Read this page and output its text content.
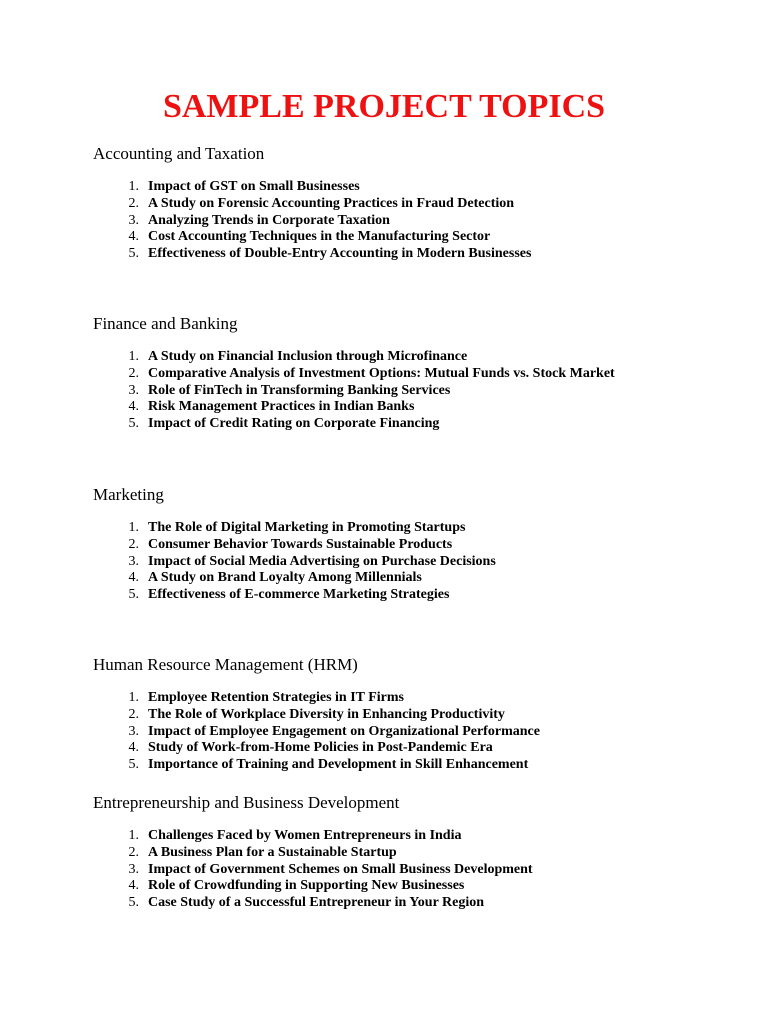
SAMPLE PROJECT TOPICS
Accounting and Taxation
1 . Impact of GST on Small Businesses
2 . A Study on Forensic Accounting Practices in Fraud Detection
3 . Analyzing Trends in Corporate Taxation
4 . Cost Accounting Techniques in the Manufacturing Sector
5 . Effectiveness of Double-Entry Accounting in Modern Businesses
Finance and Banking
1 . A Study on Financial Inclusion through Microfinance
2 . Comparative Analysis of Investment Options: Mutual Funds vs. Stock Market
3 . Role of FinTech in Transforming Banking Services
4 . Risk Management Practices in Indian Banks
5 . Impact of Credit Rating on Corporate Financing
Marketing
1 . The Role of Digital Marketing in Promoting Startups
2 . Consumer Behavior Towards Sustainable Products
3 . Impact of Social Media Advertising on Purchase Decisions
4 . A Study on Brand Loyalty Among Millennials
5 . Effectiveness of E-commerce Marketing Strategies
Human Resource Management (HRM)
1 . Employee Retention Strategies in IT Firms
2 . The Role of Workplace Diversity in Enhancing Productivity
3 . Impact of Employee Engagement on Organizational Performance
4 . Study of Work-from-Home Policies in Post-Pandemic Era
5 . Importance of Training and Development in Skill Enhancement
Entrepreneurship and Business Development
1 . Challenges Faced by Women Entrepreneurs in India
2 . A Business Plan for a Sustainable Startup
3 . Impact of Government Schemes on Small Business Development
4 . Role of Crowdfunding in Supporting New Businesses
5 . Case Study of a Successful Entrepreneur in Your Region
